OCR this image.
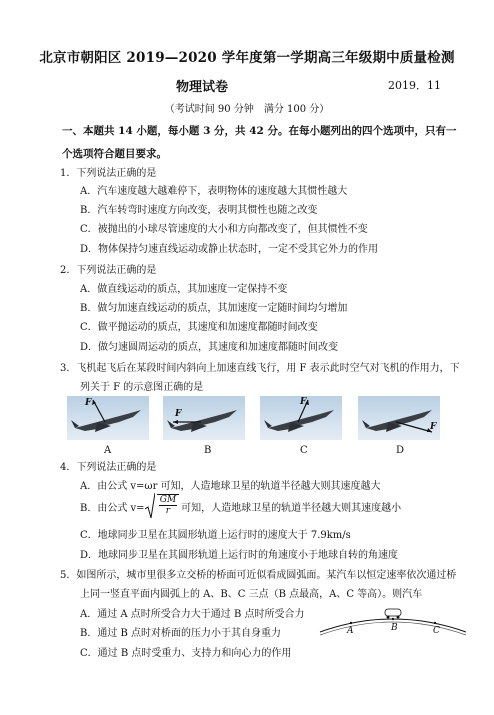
北京市朝阳区 2019—2020 学年度第一学期高三年级期中质量检测
物理试卷	2019．11
（考试时间 90 分钟　满分 100 分）
一、本题共 14 小题，每小题 3 分，共 42 分。在每小题列出的四个选项中，只有一个选项符合题目要求。
1．下列说法正确的是
A．汽车速度越大越难停下，表明物体的速度越大其惯性越大
B．汽车转弯时速度方向改变，表明其惯性也随之改变
C．被抛出的小球尽管速度的大小和方向都改变了，但其惯性不变
D．物体保持匀速直线运动或静止状态时，一定不受其它外力的作用
2．下列说法正确的是
A．做直线运动的质点，其加速度一定保持不变
B．做匀加速直线运动的质点，其加速度一定随时间均匀增加
C．做平抛运动的质点，其速度和加速度都随时间改变
D．做匀速圆周运动的质点，其速度和加速度都随时间改变
3．飞机起飞后在某段时间内斜向上加速直线飞行，用 F 表示此时空气对飞机的作用力，下
列关于 F 的示意图正确的是
F
F
F
F
A	B	C	D
4．下列说法正确的是
A．由公式 v=ωr 可知，人造地球卫星的轨道半径越大则其速度越大
B．由公式 v=
$\frac{GM}{r}$ 可知，人造地球卫星的轨道半径越大则其速度越小
C．地球同步卫星在其圆形轨道上运行时的速度大于 7.9km/s
D．地球同步卫星在其圆形轨道上运行时的角速度小于地球自转的角速度
5．如图所示，城市里很多立交桥的桥面可近似看成圆弧面。某汽车以恒定速率依次通过桥
上同一竖直平面内圆弧上的 A、B、C 三点（B 点最高，A、C 等高）。则汽车
A．通过 A 点时所受合力大于通过 B 点时所受合力
B．通过 B 点时对桥面的压力小于其自身重力
C．通过 B 点时受重力、支持力和向心力的作用
A	B	C
